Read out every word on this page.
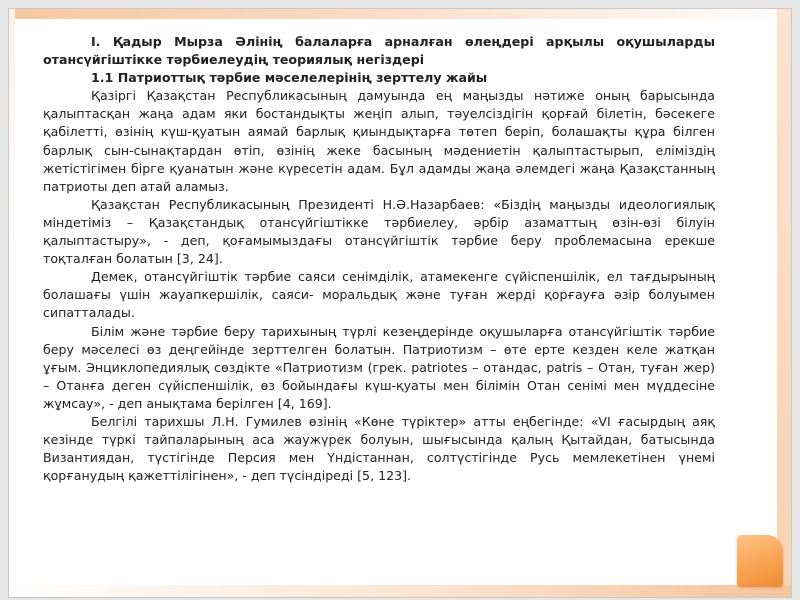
I. Қадыр Мырза Әлінің балаларға арналған өлеңдері арқылы оқушыларды отансүйгіштікке тәрбиелеудің теориялық негіздері

1.1 Патриоттық тәрбие мәселелерінің зерттелу жайы

Қазіргі Қазақстан Республикасының дамуында ең маңызды нәтиже оның барысында қалыптасқан жаңа адам яки бостандықты жеңіп алып, тәуелсіздігін қорғай білетін, бәсекеге қабілетті, өзінің күш-қуатын аямай барлық қиындықтарға төтеп беріп, болашақты құра білген барлық сын-сынақтардан өтіп, өзінің жеке басының мәдениетін қалыптастырып, еліміздің жетістігімен бірге қуанатын және күресетін адам. Бұл адамды жаңа әлемдегі жаңа Қазақстанның патриоты деп атай аламыз.

Қазақстан Республикасының Президенті Н.Ә.Назарбаев: «Біздің маңызды идеологиялық міндетіміз – Қазақстандық отансүйгіштікке тәрбиелеу, әрбір азаматтың өзін-өзі білуін қалыптастыру», - деп, қоғамымыздағы отансүйгіштік тәрбие беру проблемасына ерекше тоқталған болатын [3, 24].

Демек, отансүйгіштік тәрбие саяси сенімділік, атамекенге сүйіспеншілік, ел тағдырының болашағы үшін жауапкершілік, саяси- моральдық және туған жерді қорғауға әзір болуымен сипатталады.

Білім және тәрбие беру тарихының түрлі кезеңдерінде оқушыларға отансүйгіштік тәрбие беру мәселесі өз деңгейінде зерттелген болатын. Патриотизм – өте ерте кезден келе жатқан ұғым. Энциклопедиялық сөздікте «Патриотизм (грек. patriotes – отандас, patris – Отан, туған жер) – Отанға деген сүйіспеншілік, өз бойындағы күш-қуаты мен білімін Отан сенімі мен мүддесіне жұмсау», - деп анықтама берілген [4, 169].

Белгілі тарихшы Л.Н. Гумилев өзінің «Көне түріктер» атты еңбегінде: «VI ғасырдың аяқ кезінде түркі тайпаларының аса жаужүрек болуын, шығысында қалың Қытайдан, батысында Византиядан, түстігінде Персия мен Үндістаннан, солтүстігінде Русь мемлекетінен үнемі қорғанудың қажеттілігінен», - деп түсіндіреді [5, 123].
